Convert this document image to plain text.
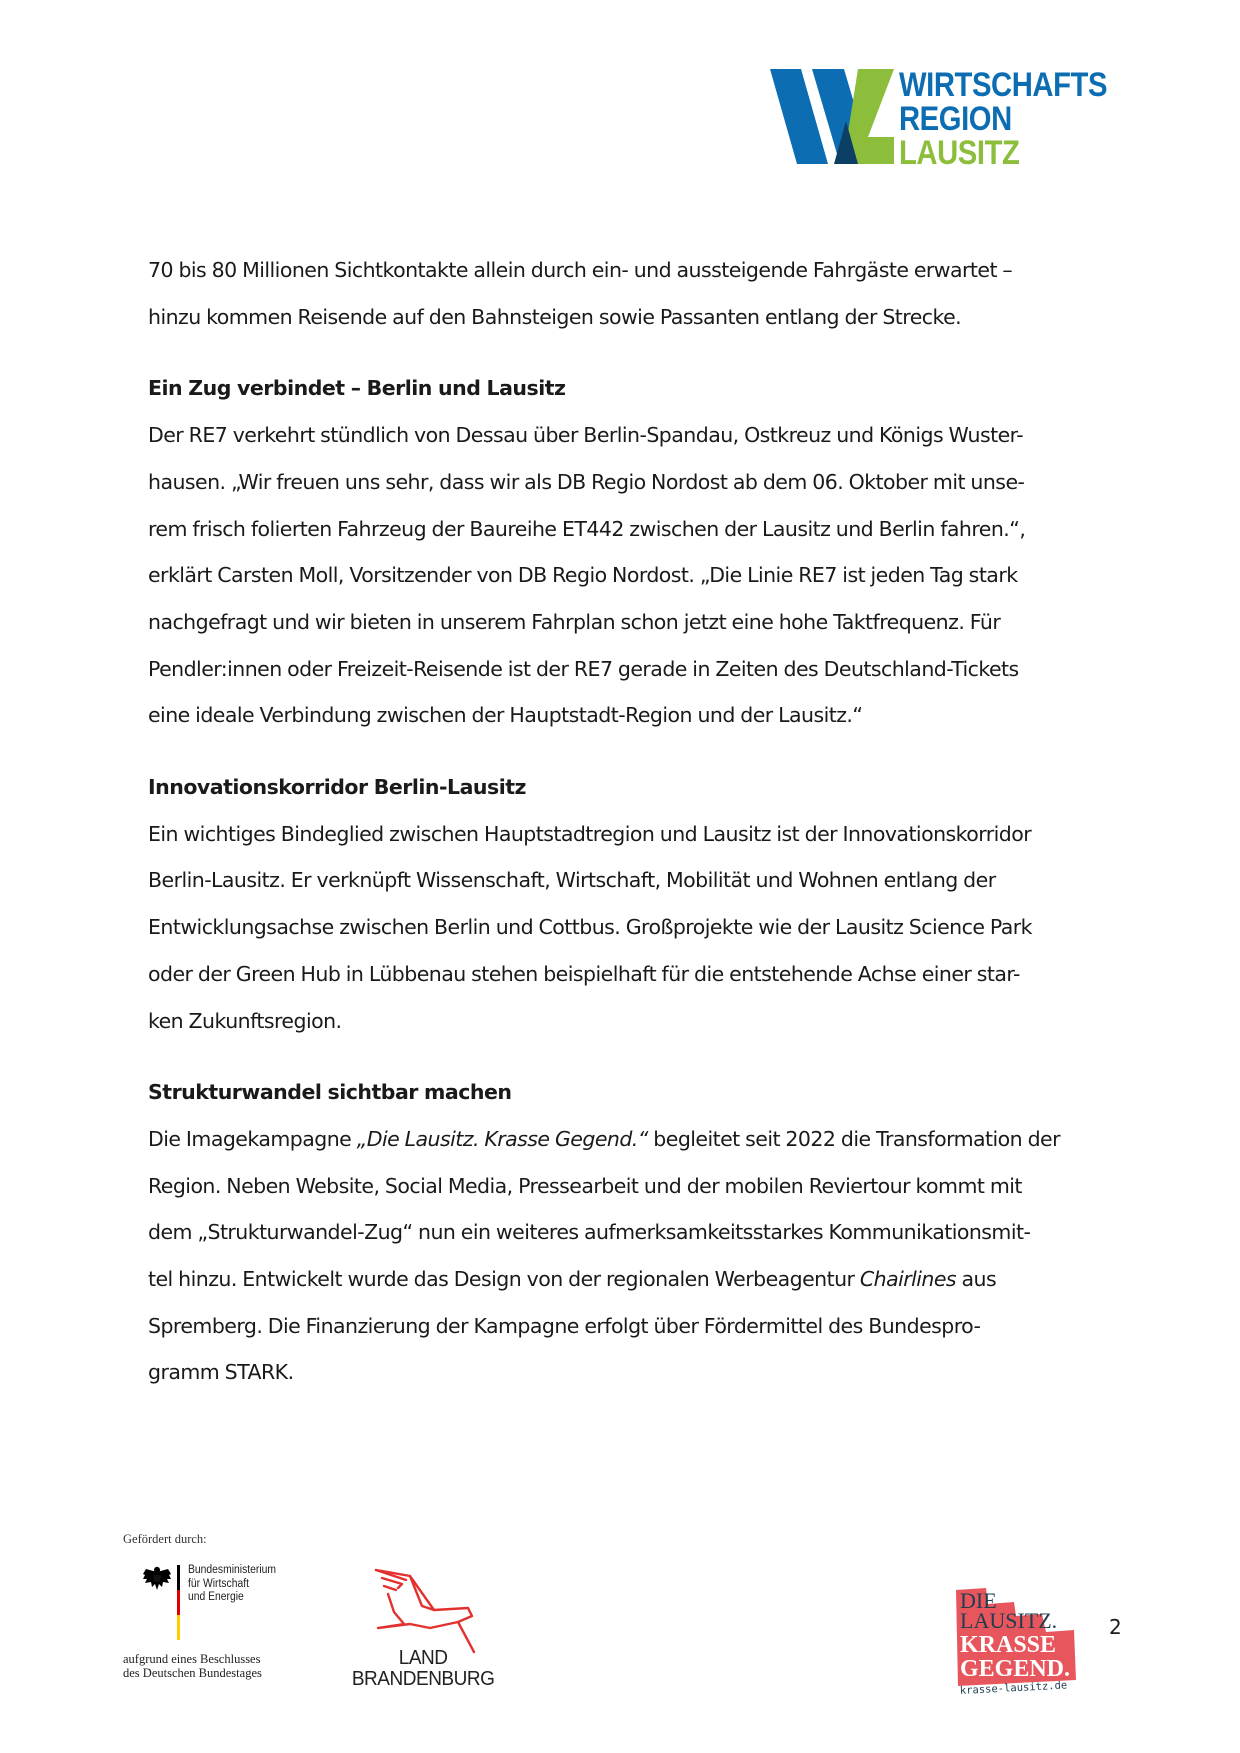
WIRTSCHAFTS
REGION
LAUSITZ

70 bis 80 Millionen Sichtkontakte allein durch ein- und aussteigende Fahrgäste erwartet –
hinzu kommen Reisende auf den Bahnsteigen sowie Passanten entlang der Strecke.

Ein Zug verbindet – Berlin und Lausitz

Der RE7 verkehrt stündlich von Dessau über Berlin-Spandau, Ostkreuz und Königs Wuster-
hausen. „Wir freuen uns sehr, dass wir als DB Regio Nordost ab dem 06. Oktober mit unse-
rem frisch folierten Fahrzeug der Baureihe ET442 zwischen der Lausitz und Berlin fahren.“,
erklärt Carsten Moll, Vorsitzender von DB Regio Nordost. „Die Linie RE7 ist jeden Tag stark
nachgefragt und wir bieten in unserem Fahrplan schon jetzt eine hohe Taktfrequenz. Für
Pendler:innen oder Freizeit-Reisende ist der RE7 gerade in Zeiten des Deutschland-Tickets
eine ideale Verbindung zwischen der Hauptstadt-Region und der Lausitz.“

Innovationskorridor Berlin-Lausitz

Ein wichtiges Bindeglied zwischen Hauptstadtregion und Lausitz ist der Innovationskorridor
Berlin-Lausitz. Er verknüpft Wissenschaft, Wirtschaft, Mobilität und Wohnen entlang der
Entwicklungsachse zwischen Berlin und Cottbus. Großprojekte wie der Lausitz Science Park
oder der Green Hub in Lübbenau stehen beispielhaft für die entstehende Achse einer star-
ken Zukunftsregion.

Strukturwandel sichtbar machen

Die Imagekampagne „Die Lausitz. Krasse Gegend.“ begleitet seit 2022 die Transformation der
Region. Neben Website, Social Media, Pressearbeit und der mobilen Reviertour kommt mit
dem „Strukturwandel-Zug“ nun ein weiteres aufmerksamkeitsstarkes Kommunikationsmit-
tel hinzu. Entwickelt wurde das Design von der regionalen Werbeagentur Chairlines aus
Spremberg. Die Finanzierung der Kampagne erfolgt über Fördermittel des Bundespro-
gramm STARK.

Gefördert durch:
Bundesministerium
für Wirtschaft
und Energie
aufgrund eines Beschlusses
des Deutschen Bundestages
LAND
BRANDENBURG
DIE
LAUSITZ.
KRASSE
GEGEND.
krasse-lausitz.de
2
